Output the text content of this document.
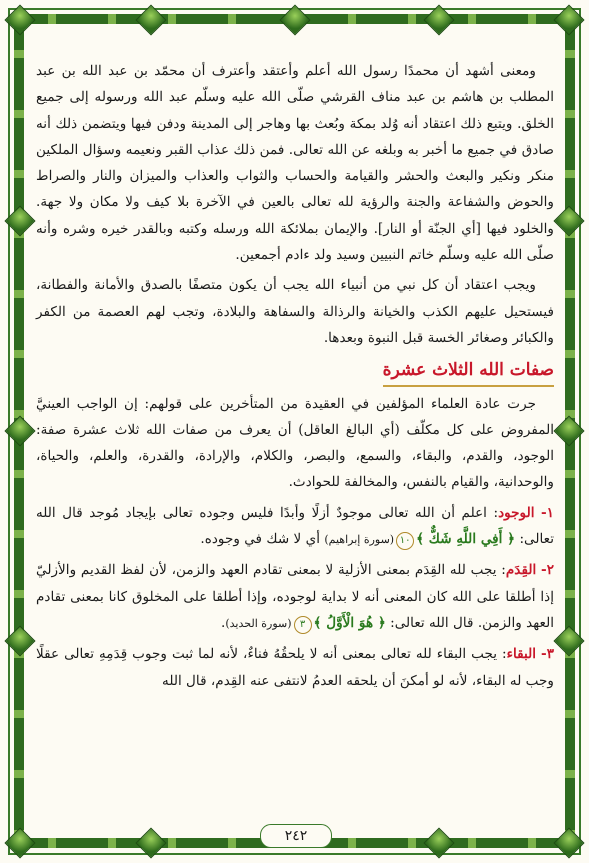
ومعنى أشهد أن محمدًا رسول الله أعلم وأعتقد وأعترف أن محمّد بن عبد الله بن عبد المطلب بن هاشم بن عبد مناف القرشي صلّى الله عليه وسلّم عبد الله ورسوله إلى جميع الخلق. ويتبع ذلك اعتقاد أنه وُلد بمكة وبُعث بها وهاجر إلى المدينة ودفن فيها ويتضمن ذلك أنه صادق في جميع ما أخبر به وبلغه عن الله تعالى. فمن ذلك عذاب القبر ونعيمه وسؤال الملكين منكر ونكير والبعث والحشر والقيامة والحساب والثواب والعذاب والميزان والنار والصراط والحوض والشفاعة والجنة والرؤية لله تعالى بالعين في الآخرة بلا كيف ولا مكان ولا جهة. والخلود فيها [أي الجنّة أو النار]. والإيمان بملائكة الله ورسله وكتبه وبالقدر خيره وشره وأنه صلّى الله عليه وسلّم خاتم النبيين وسيد ولد ءادم أجمعين.

ويجب اعتقاد أن كل نبي من أنبياء الله يجب أن يكون متصفًا بالصدق والأمانة والفطانة، فيستحيل عليهم الكذب والخيانة والرذالة والسفاهة والبلادة، وتجب لهم العصمة من الكفر والكبائر وصغائر الخسة قبل النبوة وبعدها.

صفات الله الثلاث عشرة

جرت عادة العلماء المؤلفين في العقيدة من المتأخرين على قولهم: إن الواجب العينيَّ المفروض على كل مكلّف (أي البالغ العاقل) أن يعرف من صفات الله ثلاث عشرة صفة: الوجود، والقدم، والبقاء، والسمع، والبصر، والكلام، والإرادة، والقدرة، والعلم، والحياة، والوحدانية، والقيام بالنفس، والمخالفة للحوادث.

١- الوجود: اعلم أن الله تعالى موجودٌ أزلًا وأبدًا فليس وجوده تعالى بإيجاد مُوجد قال الله تعالى: ﴿ أَفِي اللَّهِ شَكٌّ ﴾١٠(سورة إبراهيم) أي لا شك في وجوده.

٢- القِدَم: يجب لله القِدَم بمعنى الأزلية لا بمعنى تقادم العهد والزمن، لأن لفظ القديم والأزليّ إذا أطلقا على الله كان المعنى أنه لا بداية لوجوده، وإذا أطلقا على المخلوق كانا بمعنى تقادم العهد والزمن. قال الله تعالى: ﴿ هُوَ الْأَوَّلُ ﴾٣(سورة الحديد).

٣- البقاء: يجب البقاء لله تعالى بمعنى أنه لا يلحقُهُ فناءٌ، لأنه لما ثبت وجوب قِدَمِهِ تعالى عقلًا وجب له البقاء، لأنه لو أمكنَ أن يلحقه العدمُ لانتفى عنه القِدم، قال الله

٢٤٢
